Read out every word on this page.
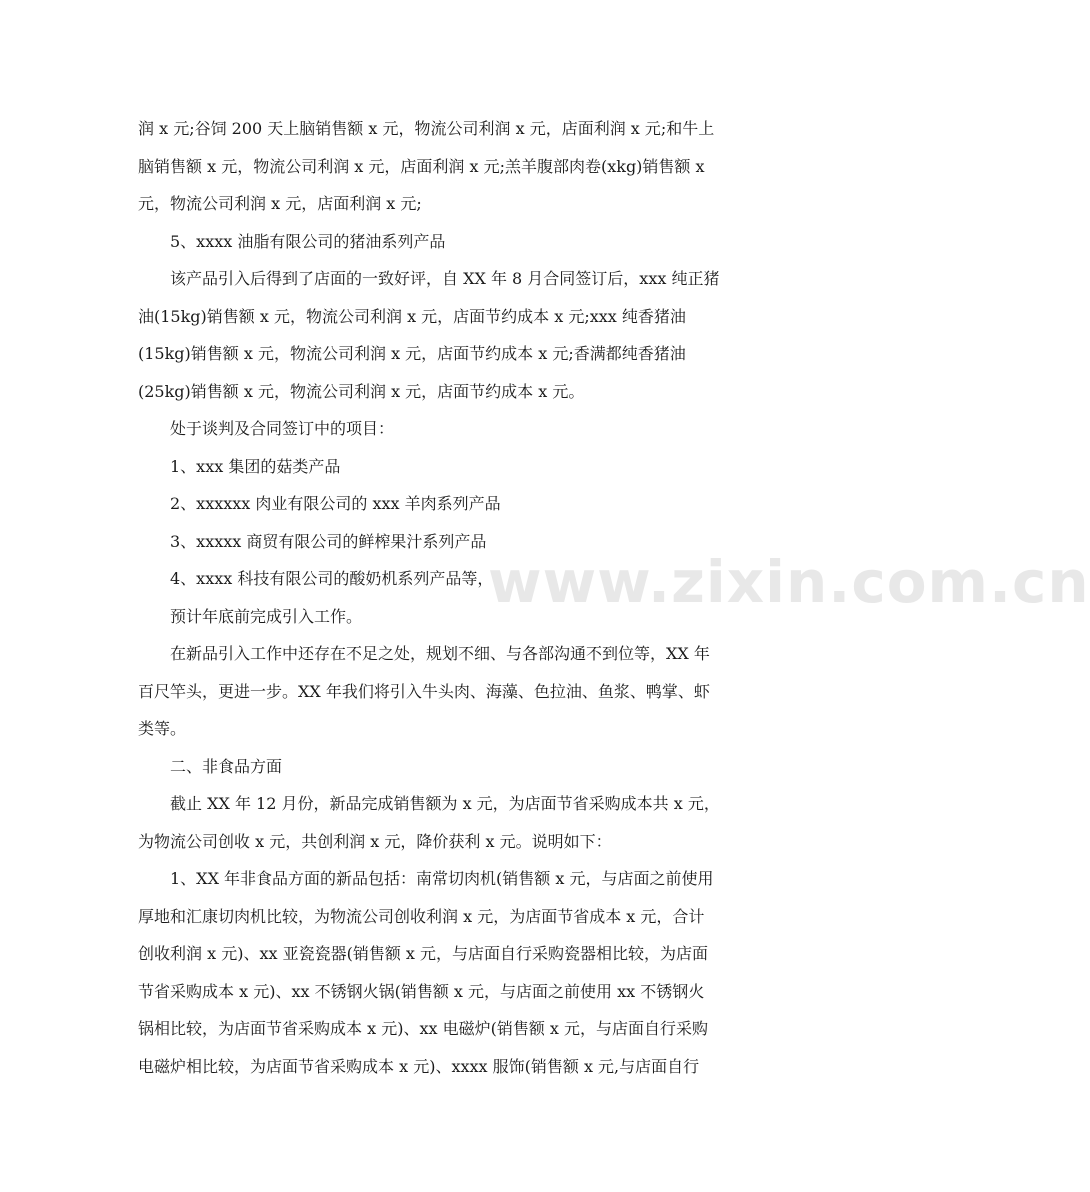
润 x 元;谷饲 200 天上脑销售额 x 元，物流公司利润 x 元，店面利润 x 元;和牛上
脑销售额 x 元，物流公司利润 x 元，店面利润 x 元;羔羊腹部肉卷(xkg)销售额 x
元，物流公司利润 x 元，店面利润 x 元;

　　5、xxxx 油脂有限公司的猪油系列产品

　　该产品引入后得到了店面的一致好评，自 XX 年 8 月合同签订后，xxx 纯正猪
油(15kg)销售额 x 元，物流公司利润 x 元，店面节约成本 x 元;xxx 纯香猪油
(15kg)销售额 x 元，物流公司利润 x 元，店面节约成本 x 元;香满都纯香猪油
(25kg)销售额 x 元，物流公司利润 x 元，店面节约成本 x 元。

　　处于谈判及合同签订中的项目：

　　1、xxx 集团的菇类产品

　　2、xxxxxx 肉业有限公司的 xxx 羊肉系列产品

　　3、xxxxx 商贸有限公司的鲜榨果汁系列产品

　　4、xxxx 科技有限公司的酸奶机系列产品等，

　　预计年底前完成引入工作。

　　在新品引入工作中还存在不足之处，规划不细、与各部沟通不到位等，XX 年
百尺竿头，更进一步。XX 年我们将引入牛头肉、海藻、色拉油、鱼浆、鸭掌、虾
类等。

　　二、非食品方面

　　截止 XX 年 12 月份，新品完成销售额为 x 元，为店面节省采购成本共 x 元，
为物流公司创收 x 元，共创利润 x 元，降价获利 x 元。说明如下：

　　1、XX 年非食品方面的新品包括：南常切肉机(销售额 x 元，与店面之前使用
厚地和汇康切肉机比较，为物流公司创收利润 x 元，为店面节省成本 x 元，合计
创收利润 x 元)、xx 亚瓷瓷器(销售额 x 元，与店面自行采购瓷器相比较，为店面
节省采购成本 x 元)、xx 不锈钢火锅(销售额 x 元，与店面之前使用 xx 不锈钢火
锅相比较，为店面节省采购成本 x 元)、xx 电磁炉(销售额 x 元，与店面自行采购
电磁炉相比较，为店面节省采购成本 x 元)、xxxx 服饰(销售额 x 元,与店面自行

www.zixin.com.cn
